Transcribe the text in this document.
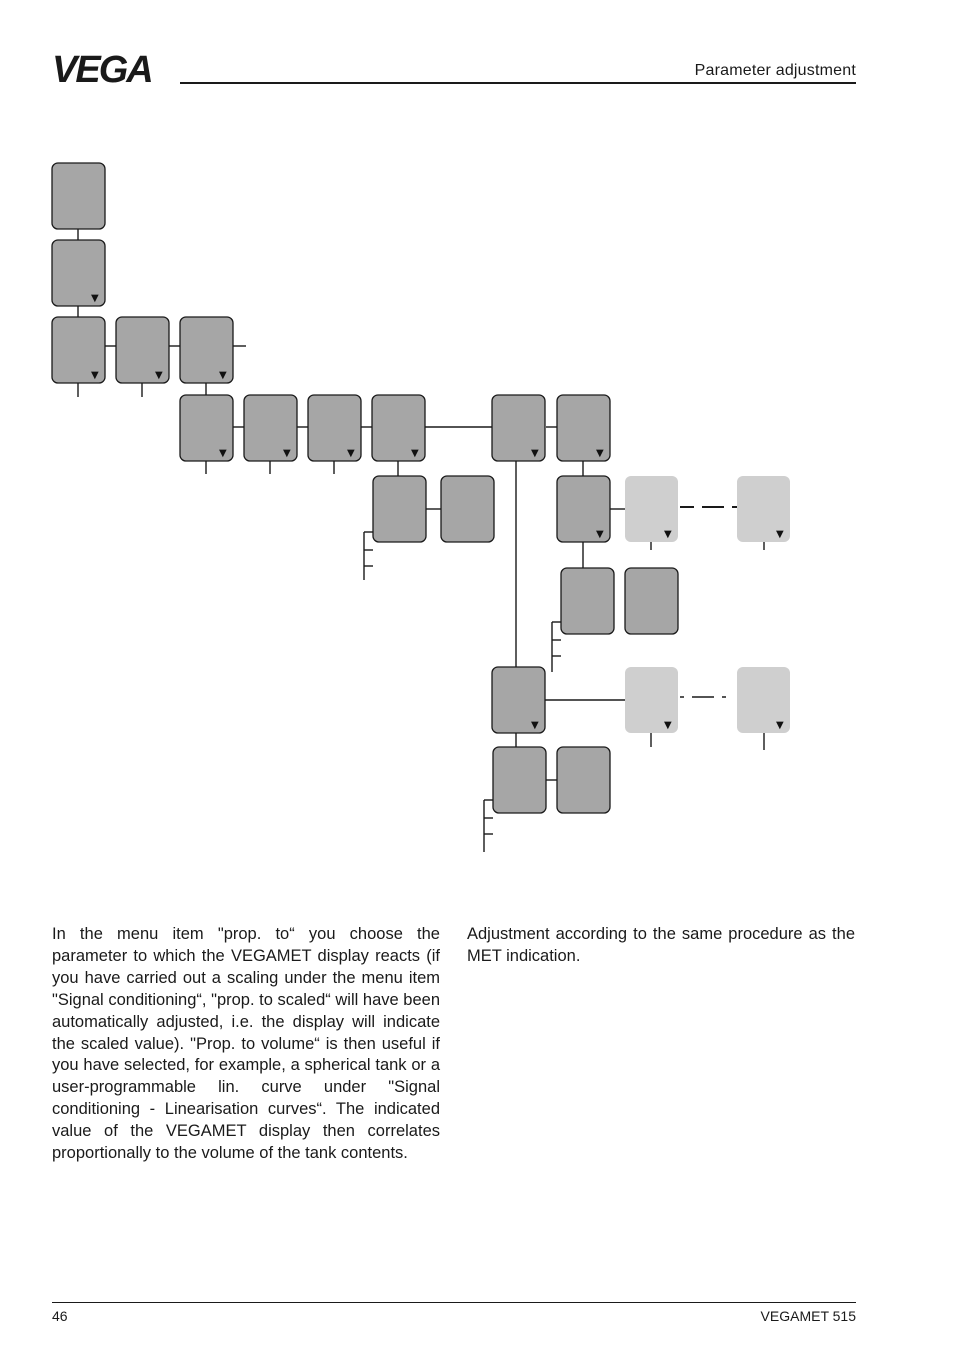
VEGA	Parameter adjustment
▼
▼	▼	▼
▼	▼	▼	▼	▼	▼
▼	▼	▼
▼	▼	▼
In the menu item "prop. to“ you choose the parameter to which the VEGAMET display reacts (if you have carried out a scaling under the menu item "Signal conditioning“, "prop. to scaled“ will have been automatically adjusted, i.e. the display will indicate the scaled value). "Prop. to volume“ is then useful if you have selected, for example, a spherical tank or a user-programmable lin. curve under "Signal conditioning - Linearisation curves“. The indicated value of the VEGAMET display then correlates proportionally to the volume of the tank contents.
Adjustment according to the same procedure as the MET indication.
46	VEGAMET 515
